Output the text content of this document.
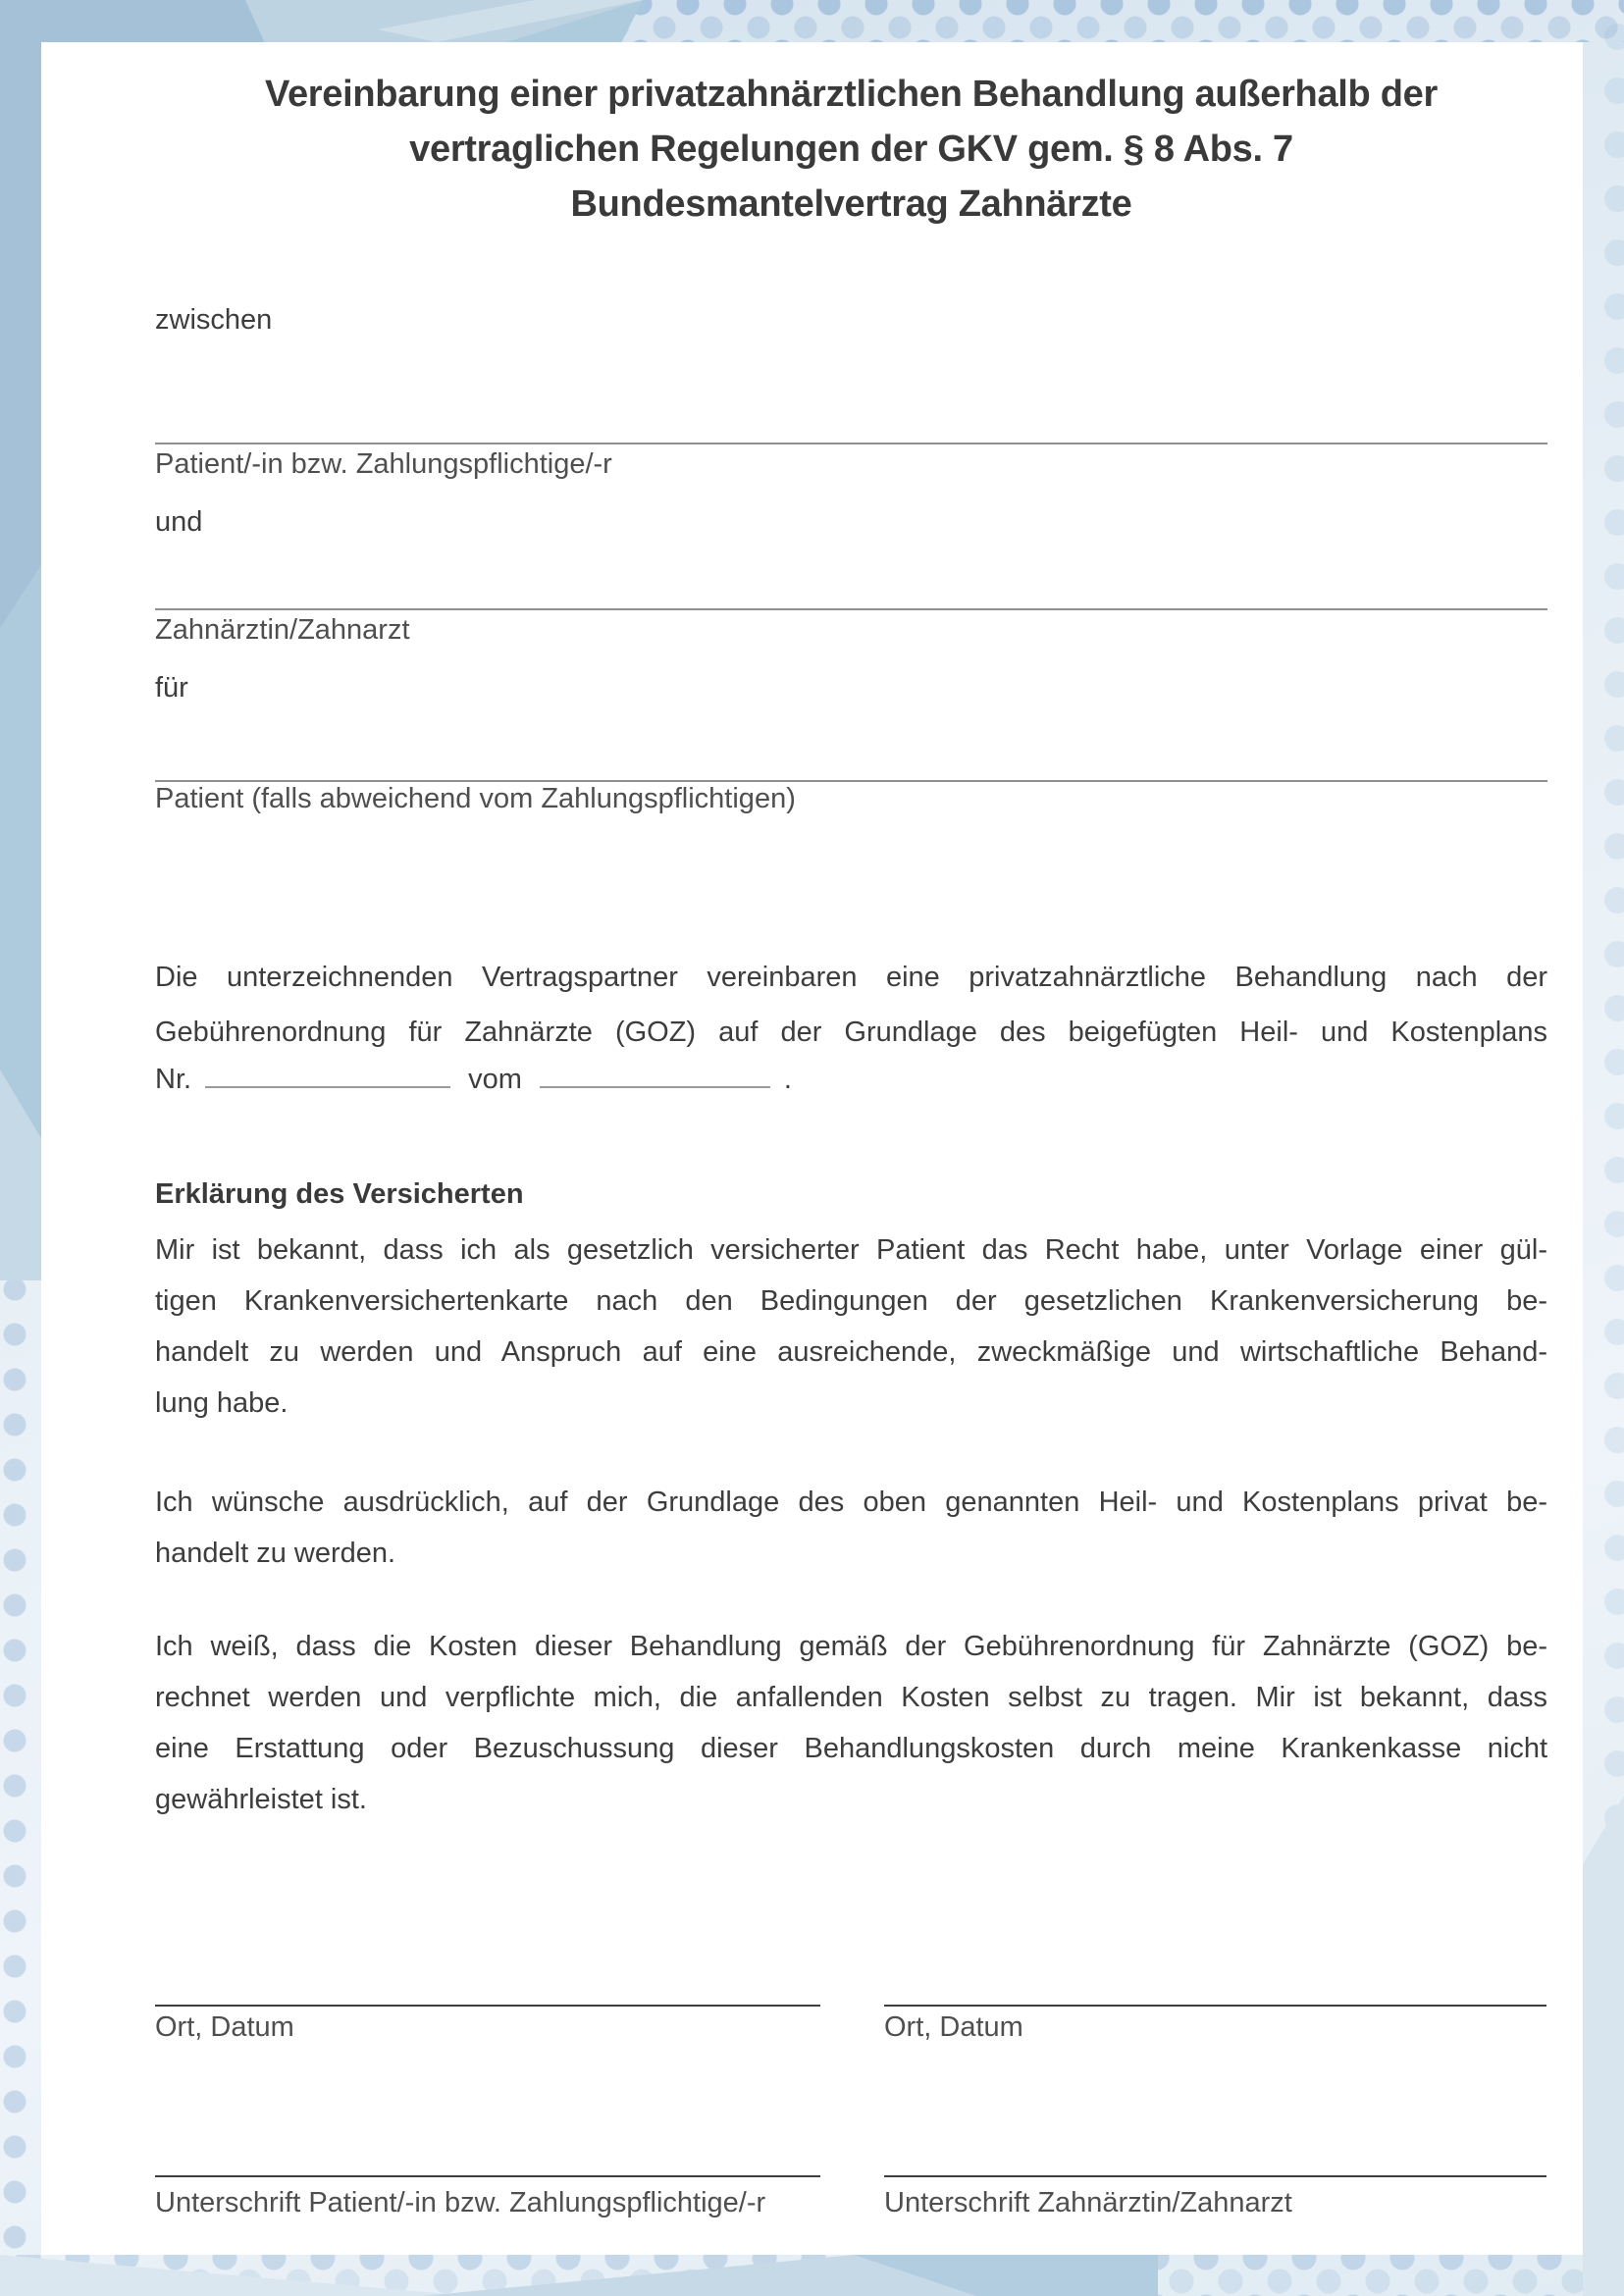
Vereinbarung einer privatzahnärztlichen Behandlung außerhalb der
vertraglichen Regelungen der GKV gem. § 8 Abs. 7
Bundesmantelvertrag Zahnärzte
zwischen
Patient/-in bzw. Zahlungspflichtige/-r
und
Zahnärztin/Zahnarzt
für
Patient (falls abweichend vom Zahlungspflichtigen)
Die unterzeichnenden Vertragspartner vereinbaren eine privatzahnärztliche Behandlung nach der
Gebührenordnung für Zahnärzte (GOZ) auf der Grundlage des beigefügten Heil- und Kostenplans
Nr.	vom	.
Erklärung des Versicherten
Mir ist bekannt, dass ich als gesetzlich versicherter Patient das Recht habe, unter Vorlage einer gül-
tigen Krankenversichertenkarte nach den Bedingungen der gesetzlichen Krankenversicherung be-
handelt zu werden und Anspruch auf eine ausreichende, zweckmäßige und wirtschaftliche Behand-
lung habe.
Ich wünsche ausdrücklich, auf der Grundlage des oben genannten Heil- und Kostenplans privat be-
handelt zu werden.
Ich weiß, dass die Kosten dieser Behandlung gemäß der Gebührenordnung für Zahnärzte (GOZ) be-
rechnet werden und verpflichte mich, die anfallenden Kosten selbst zu tragen. Mir ist bekannt, dass
eine Erstattung oder Bezuschussung dieser Behandlungskosten durch meine Krankenkasse nicht
gewährleistet ist.
Ort, Datum
Unterschrift Patient/-in bzw. Zahlungspflichtige/-r
Ort, Datum
Unterschrift Zahnärztin/Zahnarzt
